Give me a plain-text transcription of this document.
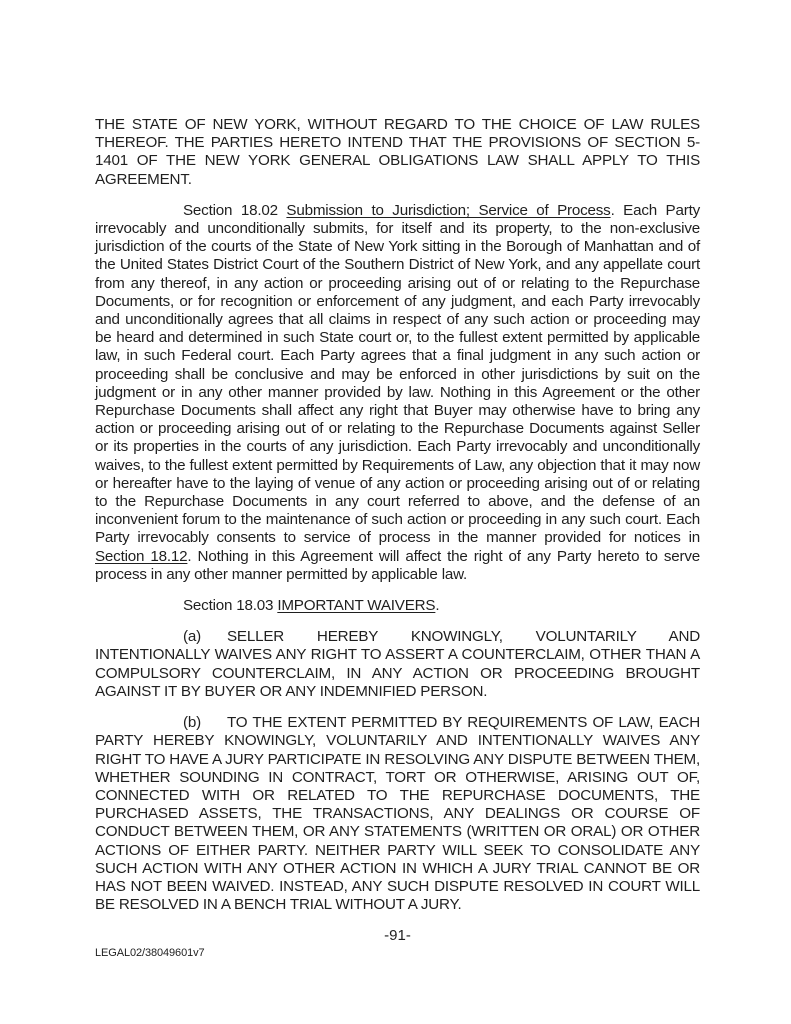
THE STATE OF NEW YORK, WITHOUT REGARD TO THE CHOICE OF LAW RULES THEREOF. THE PARTIES HERETO INTEND THAT THE PROVISIONS OF SECTION 5-1401 OF THE NEW YORK GENERAL OBLIGATIONS LAW SHALL APPLY TO THIS AGREEMENT.

Section 18.02 Submission to Jurisdiction; Service of Process. Each Party irrevocably and unconditionally submits, for itself and its property, to the non-exclusive jurisdiction of the courts of the State of New York sitting in the Borough of Manhattan and of the United States District Court of the Southern District of New York, and any appellate court from any thereof, in any action or proceeding arising out of or relating to the Repurchase Documents, or for recognition or enforcement of any judgment, and each Party irrevocably and unconditionally agrees that all claims in respect of any such action or proceeding may be heard and determined in such State court or, to the fullest extent permitted by applicable law, in such Federal court. Each Party agrees that a final judgment in any such action or proceeding shall be conclusive and may be enforced in other jurisdictions by suit on the judgment or in any other manner provided by law. Nothing in this Agreement or the other Repurchase Documents shall affect any right that Buyer may otherwise have to bring any action or proceeding arising out of or relating to the Repurchase Documents against Seller or its properties in the courts of any jurisdiction. Each Party irrevocably and unconditionally waives, to the fullest extent permitted by Requirements of Law, any objection that it may now or hereafter have to the laying of venue of any action or proceeding arising out of or relating to the Repurchase Documents in any court referred to above, and the defense of an inconvenient forum to the maintenance of such action or proceeding in any such court. Each Party irrevocably consents to service of process in the manner provided for notices in Section 18.12. Nothing in this Agreement will affect the right of any Party hereto to serve process in any other manner permitted by applicable law.

Section 18.03 IMPORTANT WAIVERS.

(a) SELLER HEREBY KNOWINGLY, VOLUNTARILY AND INTENTIONALLY WAIVES ANY RIGHT TO ASSERT A COUNTERCLAIM, OTHER THAN A COMPULSORY COUNTERCLAIM, IN ANY ACTION OR PROCEEDING BROUGHT AGAINST IT BY BUYER OR ANY INDEMNIFIED PERSON.

(b) TO THE EXTENT PERMITTED BY REQUIREMENTS OF LAW, EACH PARTY HEREBY KNOWINGLY, VOLUNTARILY AND INTENTIONALLY WAIVES ANY RIGHT TO HAVE A JURY PARTICIPATE IN RESOLVING ANY DISPUTE BETWEEN THEM, WHETHER SOUNDING IN CONTRACT, TORT OR OTHERWISE, ARISING OUT OF, CONNECTED WITH OR RELATED TO THE REPURCHASE DOCUMENTS, THE PURCHASED ASSETS, THE TRANSACTIONS, ANY DEALINGS OR COURSE OF CONDUCT BETWEEN THEM, OR ANY STATEMENTS (WRITTEN OR ORAL) OR OTHER ACTIONS OF EITHER PARTY. NEITHER PARTY WILL SEEK TO CONSOLIDATE ANY SUCH ACTION WITH ANY OTHER ACTION IN WHICH A JURY TRIAL CANNOT BE OR HAS NOT BEEN WAIVED. INSTEAD, ANY SUCH DISPUTE RESOLVED IN COURT WILL BE RESOLVED IN A BENCH TRIAL WITHOUT A JURY.

-91-
LEGAL02/38049601v7
